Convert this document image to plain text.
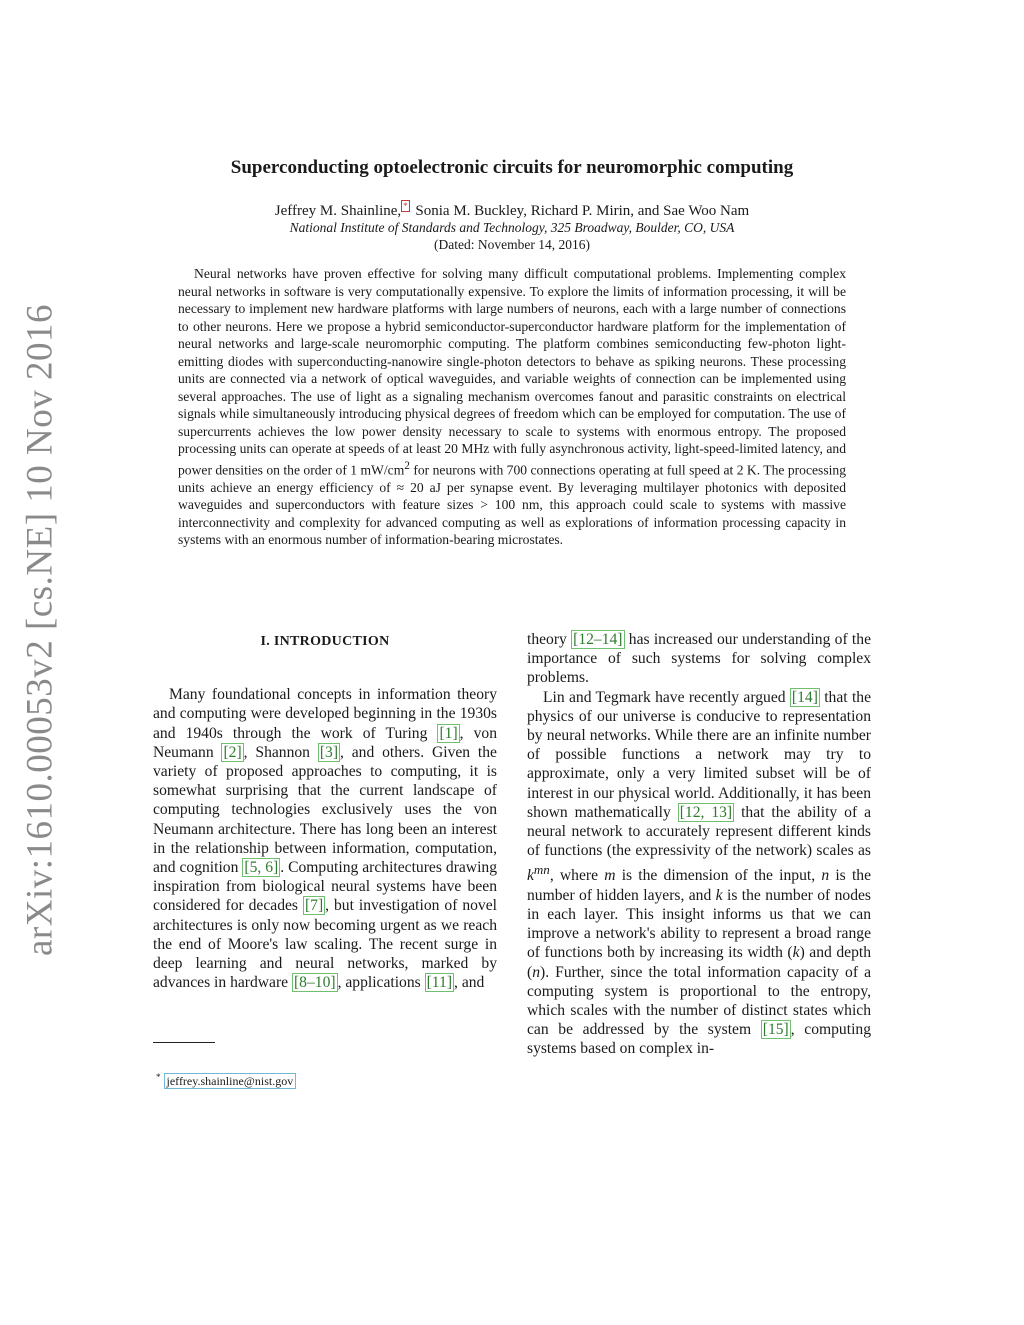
arXiv:1610.00053v2 [cs.NE] 10 Nov 2016
Superconducting optoelectronic circuits for neuromorphic computing
Jeffrey M. Shainline, * Sonia M. Buckley, Richard P. Mirin, and Sae Woo Nam
National Institute of Standards and Technology, 325 Broadway, Boulder, CO, USA
(Dated: November 14, 2016)
Neural networks have proven effective for solving many difficult computational problems. Implementing complex neural networks in software is very computationally expensive. To explore the limits of information processing, it will be necessary to implement new hardware platforms with large numbers of neurons, each with a large number of connections to other neurons. Here we propose a hybrid semiconductor-superconductor hardware platform for the implementation of neural networks and large-scale neuromorphic computing. The platform combines semiconducting few-photon light-emitting diodes with superconducting-nanowire single-photon detectors to behave as spiking neurons. These processing units are connected via a network of optical waveguides, and variable weights of connection can be implemented using several approaches. The use of light as a signaling mechanism overcomes fanout and parasitic constraints on electrical signals while simultaneously introducing physical degrees of freedom which can be employed for computation. The use of supercurrents achieves the low power density necessary to scale to systems with enormous entropy. The proposed processing units can operate at speeds of at least 20 MHz with fully asynchronous activity, light-speed-limited latency, and power densities on the order of 1 $mW/cm^2$ for neurons with 700 connections operating at full speed at 2 K. The processing units achieve an energy efficiency of ≈ 20 aJ per synapse event. By leveraging multilayer photonics with deposited waveguides and superconductors with feature sizes > 100 nm, this approach could scale to systems with massive interconnectivity and complexity for advanced computing as well as explorations of information processing capacity in systems with an enormous number of information-bearing microstates.
I. INTRODUCTION

Many foundational concepts in information theory and computing were developed beginning in the 1930s and 1940s through the work of Turing [1] , von Neumann [2] , Shannon [3] , and others. Given the variety of proposed approaches to computing, it is somewhat surprising that the current landscape of computing technologies exclusively uses the von Neumann architecture. There has long been an interest in the relationship between information, computation, and cognition [5, 6] . Computing architectures drawing inspiration from biological neural systems have been considered for decades [7] , but investigation of novel architectures is only now becoming urgent as we reach the end of Moore's law scaling. The recent surge in deep learning and neural networks, marked by advances in hardware [8–10] , applications [11] , and

theory [12–14] has increased our understanding of the importance of such systems for solving complex problems.

Lin and Tegmark have recently argued [14] that the physics of our universe is conducive to representation by neural networks. While there are an infinite number of possible functions a network may try to approximate, only a very limited subset will be of interest in our physical world. Additionally, it has been shown mathematically [12, 13] that the ability of a neural network to accurately represent different kinds of functions (the expressivity of the network) scales as $k^{mn}$, where m is the dimension of the input, n is the number of hidden layers, and k is the number of nodes in each layer. This insight informs us that we can improve a network's ability to represent a broad range of functions both by increasing its width (k) and depth (n). Further, since the total information capacity of a computing system is proportional to the entropy, which scales with the number of distinct states which can be addressed by the system [15] , computing systems based on complex in-

* jeffrey.shainline@nist.gov
